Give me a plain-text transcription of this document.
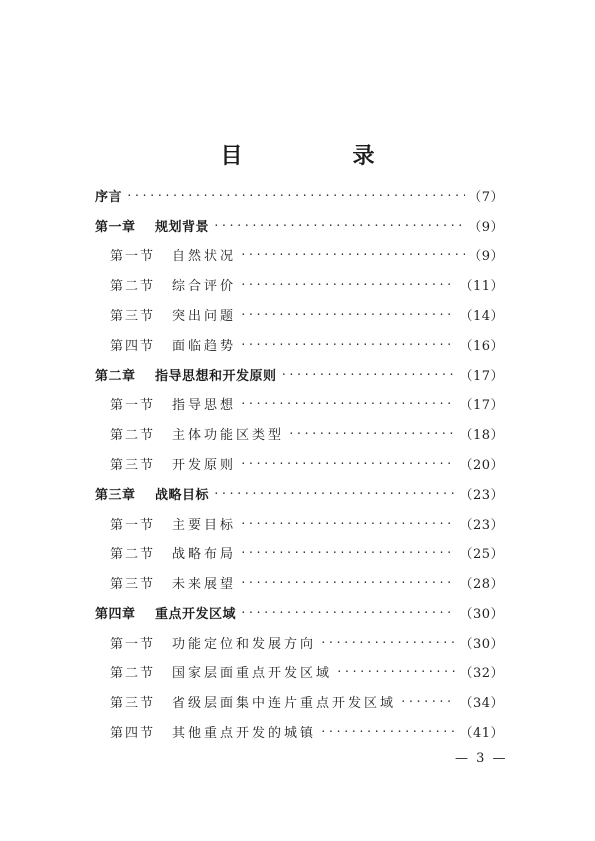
目　录
序言 ·····	（7）
第一章	规划背景 ·····	（9）
第一节	自然状况 ·····	（9）
第二节	综合评价 ·····	（11）
第三节	突出问题 ·····	（14）
第四节	面临趋势 ·····	（16）
第二章	指导思想和开发原则 ·····	（17）
第一节	指导思想 ·····	（17）
第二节	主体功能区类型 ·····	（18）
第三节	开发原则 ·····	（20）
第三章	战略目标 ·····	（23）
第一节	主要目标 ·····	（23）
第二节	战略布局 ·····	（25）
第三节	未来展望 ·····	（28）
第四章	重点开发区域 ·····	（30）
第一节	功能定位和发展方向 ·····	（30）
第二节	国家层面重点开发区域 ·····	（32）
第三节	省级层面集中连片重点开发区域 ·····	（34）
第四节	其他重点开发的城镇 ·····	（41）
— 3 —
